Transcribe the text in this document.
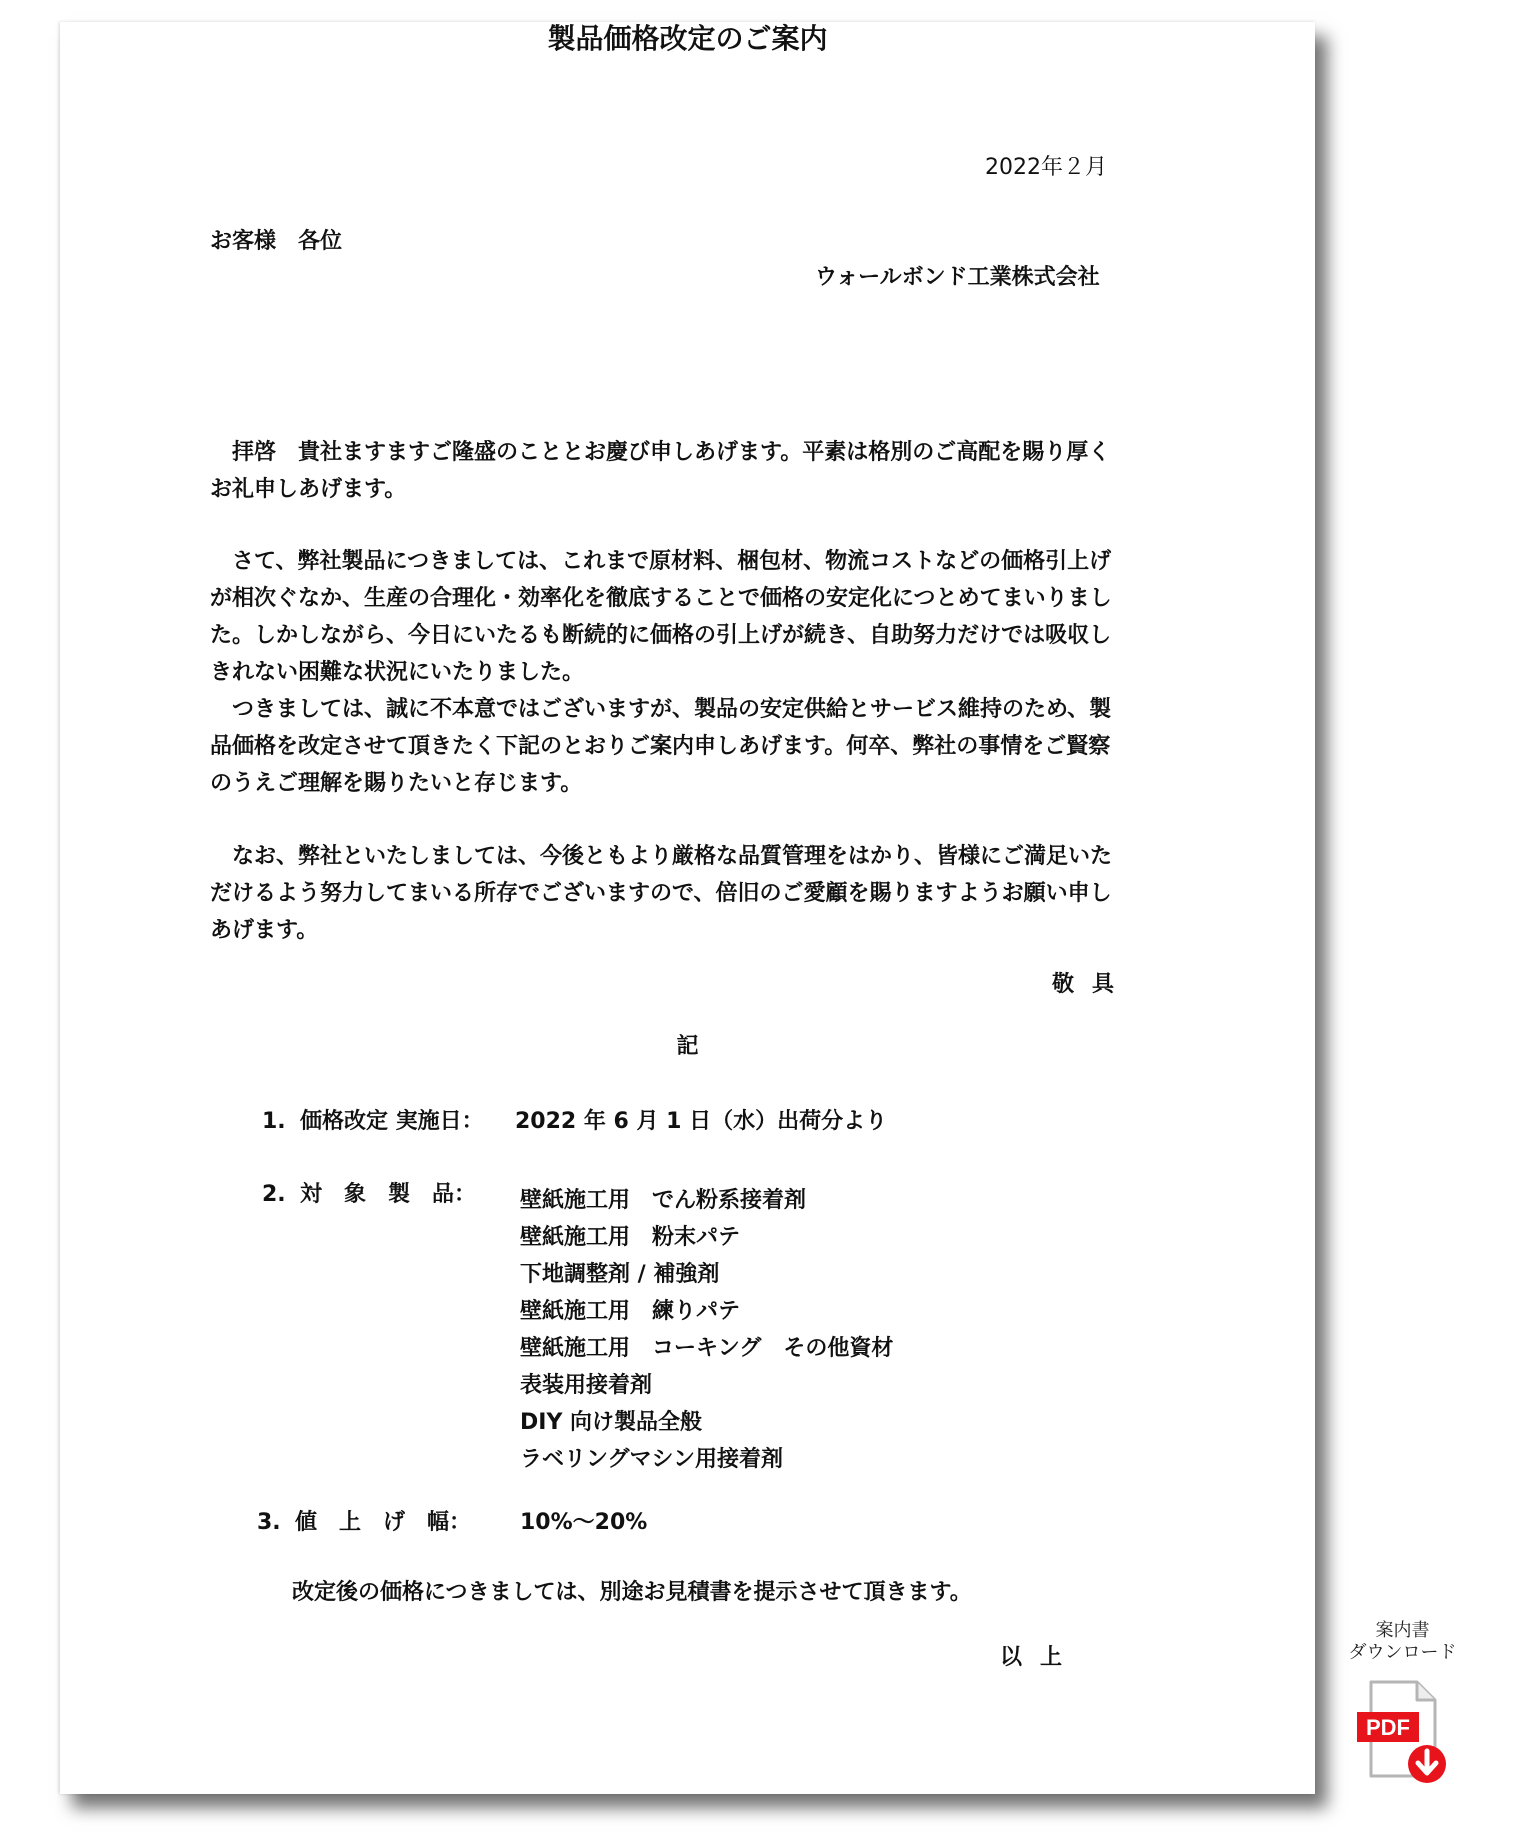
2022年２月
お客様　各位
ウォールボンド工業株式会社
製品価格改定のご案内

　拝啓　貴社ますますご隆盛のこととお慶び申しあげます。平素は格別のご高配を賜り厚く
お礼申しあげます。

　さて、弊社製品につきましては、これまで原材料、梱包材、物流コストなどの価格引上げ
が相次ぐなか、生産の合理化・効率化を徹底することで価格の安定化につとめてまいりまし
た。しかしながら、今日にいたるも断続的に価格の引上げが続き、自助努力だけでは吸収し
きれない困難な状況にいたりました。

　つきましては、誠に不本意ではございますが、製品の安定供給とサービス維持のため、製
品価格を改定させて頂きたく下記のとおりご案内申しあげます。何卒、弊社の事情をご賢察
のうえご理解を賜りたいと存じます。

　なお、弊社といたしましては、今後ともより厳格な品質管理をはかり、皆様にご満足いた
だけるよう努力してまいる所存でございますので、倍旧のご愛顧を賜りますようお願い申し
あげます。

敬具
記
1. 価格改定 実施日： 2022 年 6 月 1 日（水）出荷分より
2. 対　象　製　品： 壁紙施工用　でん粉系接着剤
壁紙施工用　粉末パテ
下地調整剤 / 補強剤
壁紙施工用　練りパテ
壁紙施工用　コーキング　その他資材
表装用接着剤
DIY 向け製品全般
ラベリングマシン用接着剤
3. 値　上　げ　幅： 10%～20%
改定後の価格につきましては、別途お見積書を提示させて頂きます。
以上
案内書
ダウンロード
PDF
